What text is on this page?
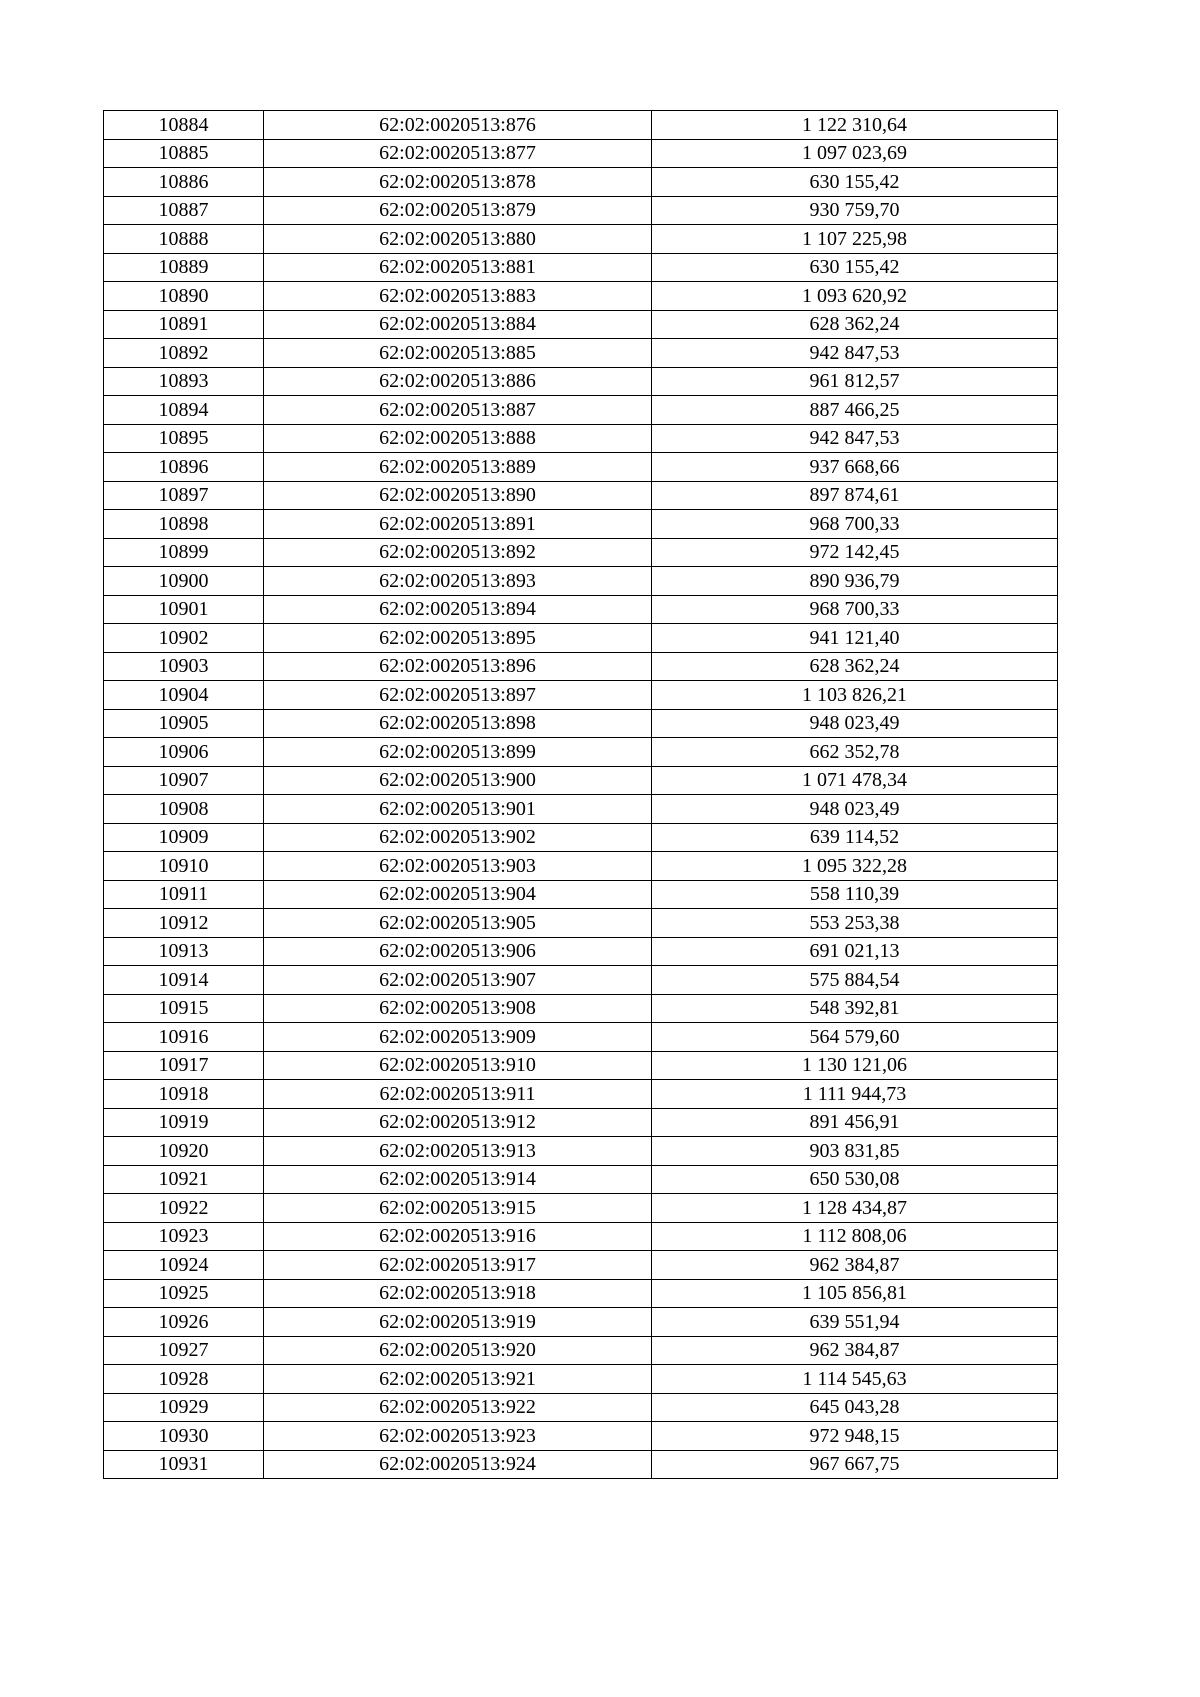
10884	62:02:0020513:876	1 122 310,64
10885	62:02:0020513:877	1 097 023,69
10886	62:02:0020513:878	630 155,42
10887	62:02:0020513:879	930 759,70
10888	62:02:0020513:880	1 107 225,98
10889	62:02:0020513:881	630 155,42
10890	62:02:0020513:883	1 093 620,92
10891	62:02:0020513:884	628 362,24
10892	62:02:0020513:885	942 847,53
10893	62:02:0020513:886	961 812,57
10894	62:02:0020513:887	887 466,25
10895	62:02:0020513:888	942 847,53
10896	62:02:0020513:889	937 668,66
10897	62:02:0020513:890	897 874,61
10898	62:02:0020513:891	968 700,33
10899	62:02:0020513:892	972 142,45
10900	62:02:0020513:893	890 936,79
10901	62:02:0020513:894	968 700,33
10902	62:02:0020513:895	941 121,40
10903	62:02:0020513:896	628 362,24
10904	62:02:0020513:897	1 103 826,21
10905	62:02:0020513:898	948 023,49
10906	62:02:0020513:899	662 352,78
10907	62:02:0020513:900	1 071 478,34
10908	62:02:0020513:901	948 023,49
10909	62:02:0020513:902	639 114,52
10910	62:02:0020513:903	1 095 322,28
10911	62:02:0020513:904	558 110,39
10912	62:02:0020513:905	553 253,38
10913	62:02:0020513:906	691 021,13
10914	62:02:0020513:907	575 884,54
10915	62:02:0020513:908	548 392,81
10916	62:02:0020513:909	564 579,60
10917	62:02:0020513:910	1 130 121,06
10918	62:02:0020513:911	1 111 944,73
10919	62:02:0020513:912	891 456,91
10920	62:02:0020513:913	903 831,85
10921	62:02:0020513:914	650 530,08
10922	62:02:0020513:915	1 128 434,87
10923	62:02:0020513:916	1 112 808,06
10924	62:02:0020513:917	962 384,87
10925	62:02:0020513:918	1 105 856,81
10926	62:02:0020513:919	639 551,94
10927	62:02:0020513:920	962 384,87
10928	62:02:0020513:921	1 114 545,63
10929	62:02:0020513:922	645 043,28
10930	62:02:0020513:923	972 948,15
10931	62:02:0020513:924	967 667,75
